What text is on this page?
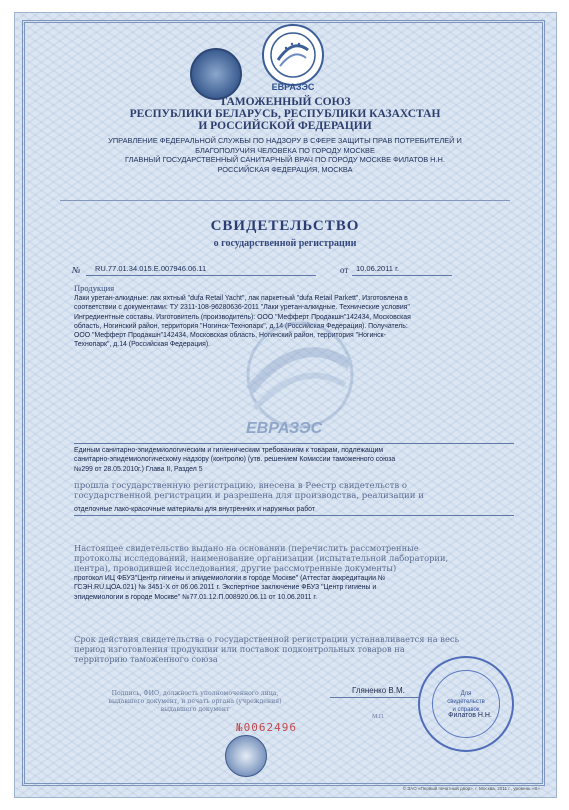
ЕВРАЗЭС
ТАМОЖЕННЫЙ СОЮЗ
РЕСПУБЛИКИ БЕЛАРУСЬ, РЕСПУБЛИКИ КАЗАХСТАН
И РОССИЙСКОЙ ФЕДЕРАЦИИ
УПРАВЛЕНИЕ ФЕДЕРАЛЬНОЙ СЛУЖБЫ ПО НАДЗОРУ В СФЕРЕ ЗАЩИТЫ ПРАВ ПОТРЕБИТЕЛЕЙ И
БЛАГОПОЛУЧИЯ ЧЕЛОВЕКА ПО ГОРОДУ МОСКВЕ
ГЛАВНЫЙ ГОСУДАРСТВЕННЫЙ САНИТАРНЫЙ ВРАЧ ПО ГОРОДУ МОСКВЕ ФИЛАТОВ Н.Н.
РОССИЙСКАЯ ФЕДЕРАЦИЯ, МОСКВА
СВИДЕТЕЛЬСТВО
о государственной регистрации
№ RU.77.01.34.015.Е.007946.06.11	от 10.06.2011 г.
Продукция
Лаки уретан-алкидные: лак яхтный "dufa Retail Yacht", лак паркетный "dufa Retail Parkett". Изготовлена в
соответствии с документами: ТУ 2311-108-96280636-2011 "Лаки уретан-алкидные. Технические условия"
Ингредиентные составы. Изготовитель (производитель): ООО "Мефферт Продакшн"142434, Московская
область, Ногинский район, территория "Ногинск-Технопарк", д.14 (Российская Федерация). Получатель:
ООО "Мефферт Продакшн"142434, Московская область, Ногинский район, территория "Ногинск-
Технопарк", д.14 (Российская Федерация).
ЕВРАЗЭС
Единым санитарно-эпидемиологическим и гигиеническим требованиям к товарам, подлежащим
санитарно-эпидемиологическому надзору (контролю) (утв. решением Комиссии таможенного союза
№299 от 28.05.2010г.) Глава II, Раздел 5
прошла государственную регистрацию, внесена в Реестр свидетельств о
государственной регистрации и разрешена для производства, реализации и
отделочные лако-красочные материалы для внутренних и наружных работ
Настоящее свидетельство выдано на основании (перечислить рассмотренные
протоколы исследований, наименование организации (испытательной лаборатории,
центра), проводившей исследования, другие рассмотренные документы)
протокол ИЦ ФБУЗ"Центр гигиены и эпидемиологии в городе Москве" (Аттестат аккредитации №
ГСЭН.RU.ЦОА.021) № 3451-Х от 06.06.2011 г. Экспертное заключение ФБУЗ "Центр гигиены и
эпидемиологии в городе Москве" №77.01.12.П.008920.06.11 от 10.06.2011 г.
Срок действия свидетельства о государственной регистрации устанавливается на весь
период изготовления продукции или поставок подконтрольных товаров на
территорию таможенного союза
Гляненко В.М.
Подпись, ФИО, должность уполномоченного лица,
выдавшего документ, и печать органа (учреждения)
выдавшего документ
М.П.
Для
свидетельств
и справок
Филатов Н.Н.
№0062496
© ЗАО «Первый печатный двор», г. Москва, 2011 г., уровень «В»
